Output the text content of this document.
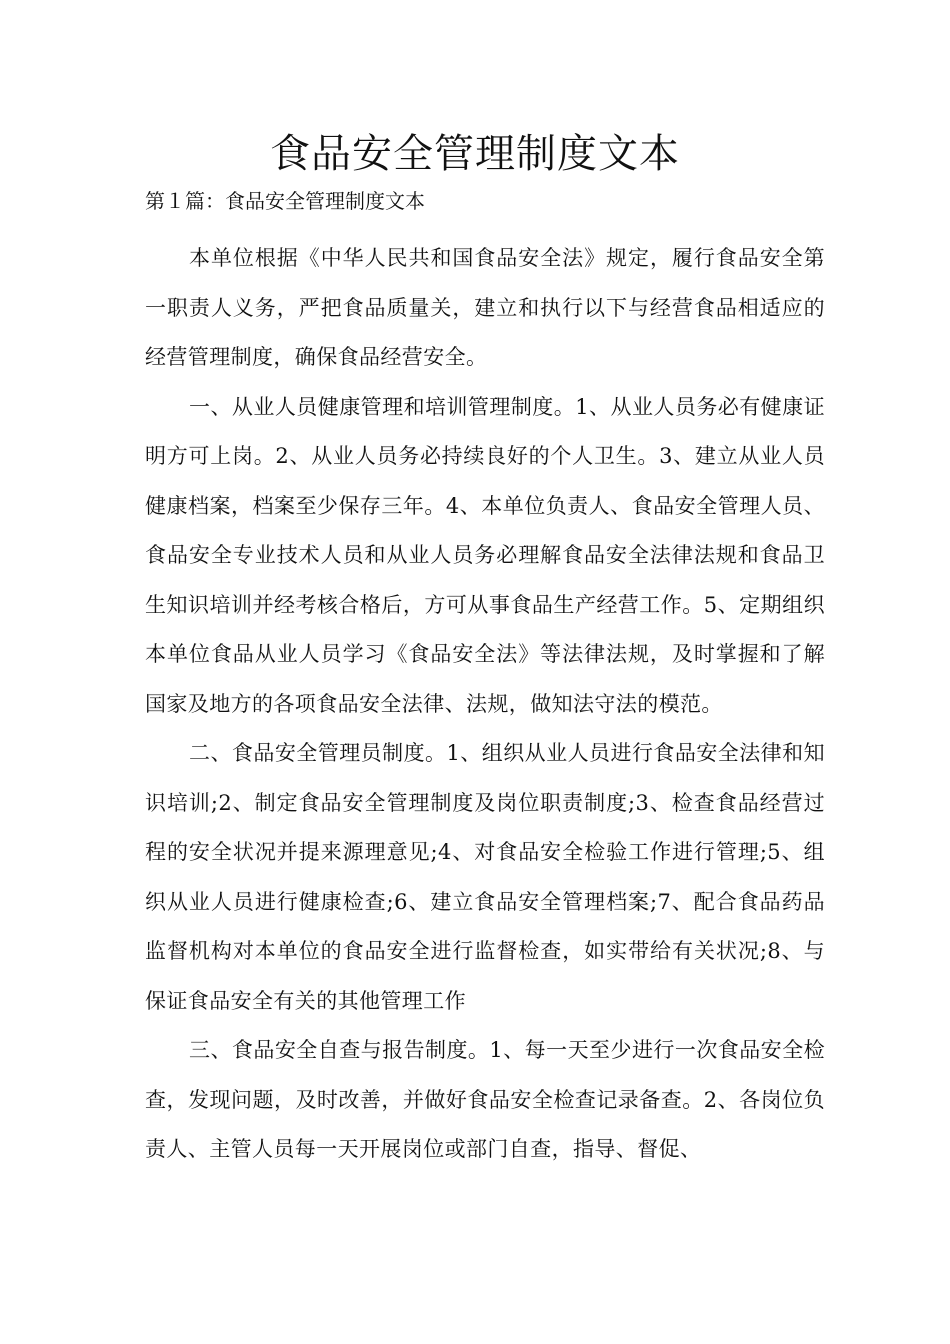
食品安全管理制度文本

第１篇：食品安全管理制度文本

本单位根据《中华人民共和国食品安全法》规定，履行食品安全第一职责人义务，严把食品质量关，建立和执行以下与经营食品相适应的经营管理制度，确保食品经营安全。

一、从业人员健康管理和培训管理制度。1、从业人员务必有健康证明方可上岗。2、从业人员务必持续良好的个人卫生。3、建立从业人员健康档案，档案至少保存三年。4、本单位负责人、食品安全管理人员、食品安全专业技术人员和从业人员务必理解食品安全法律法规和食品卫生知识培训并经考核合格后，方可从事食品生产经营工作。5、定期组织本单位食品从业人员学习《食品安全法》等法律法规，及时掌握和了解国家及地方的各项食品安全法律、法规，做知法守法的模范。

二、食品安全管理员制度。1、组织从业人员进行食品安全法律和知识培训;2、制定食品安全管理制度及岗位职责制度;3、检查食品经营过程的安全状况并提来源理意见;4、对食品安全检验工作进行管理;5、组织从业人员进行健康检查;6、建立食品安全管理档案;7、配合食品药品监督机构对本单位的食品安全进行监督检查，如实带给有关状况;8、与保证食品安全有关的其他管理工作

三、食品安全自查与报告制度。1、每一天至少进行一次食品安全检查，发现问题，及时改善，并做好食品安全检查记录备查。2、各岗位负责人、主管人员每一天开展岗位或部门自查，指导、督促、
